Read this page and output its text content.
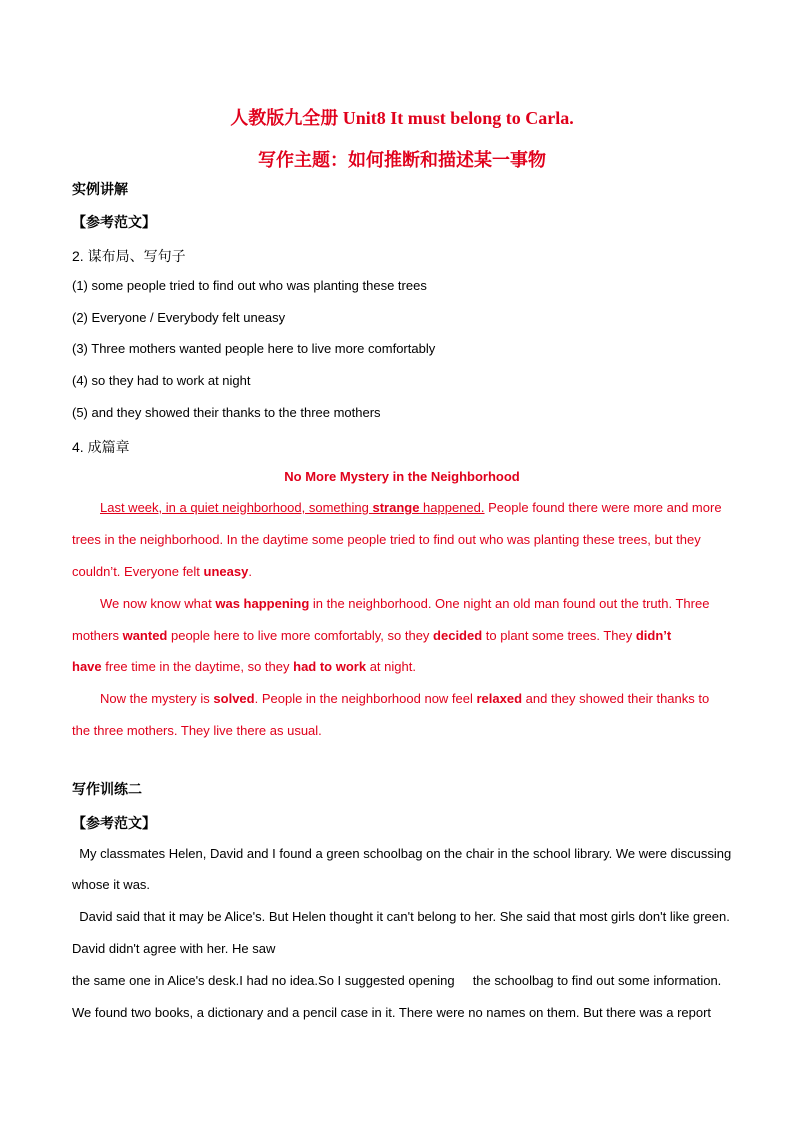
人教版九全册 Unit8 It must belong to Carla.
写作主题：如何推断和描述某一事物
实例讲解
【参考范文】
2. 谋布局、写句子
(1) some people tried to find out who was planting these trees
(2) Everyone / Everybody felt uneasy
(3) Three mothers wanted people here to live more comfortably
(4) so they had to work at night
(5) and they showed their thanks to the three mothers
4. 成篇章
No More Mystery in the Neighborhood
Last week, in a quiet neighborhood, something strange happened. People found there were more and more
trees in the neighborhood. In the daytime some people tried to find out who was planting these trees, but they
couldn’t. Everyone felt uneasy.
We now know what was happening in the neighborhood. One night an old man found out the truth. Three
mothers wanted people here to live more comfortably, so they decided to plant some trees. They didn’t
have free time in the daytime, so they had to work at night.
Now the mystery is solved. People in the neighborhood now feel relaxed and they showed their thanks to
the three mothers. They live there as usual.
写作训练二
【参考范文】
My classmates Helen, David and I found a green schoolbag on the chair in the school library. We were discussing
whose it was.
David said that it may be Alice's. But Helen thought it can't belong to her. She said that most girls don't like green.
David didn't agree with her. He saw
the same one in Alice's desk.I had no idea.So I suggested opening     the schoolbag to find out some information.
We found two books, a dictionary and a pencil case in it. There were no names on them. But there was a report
